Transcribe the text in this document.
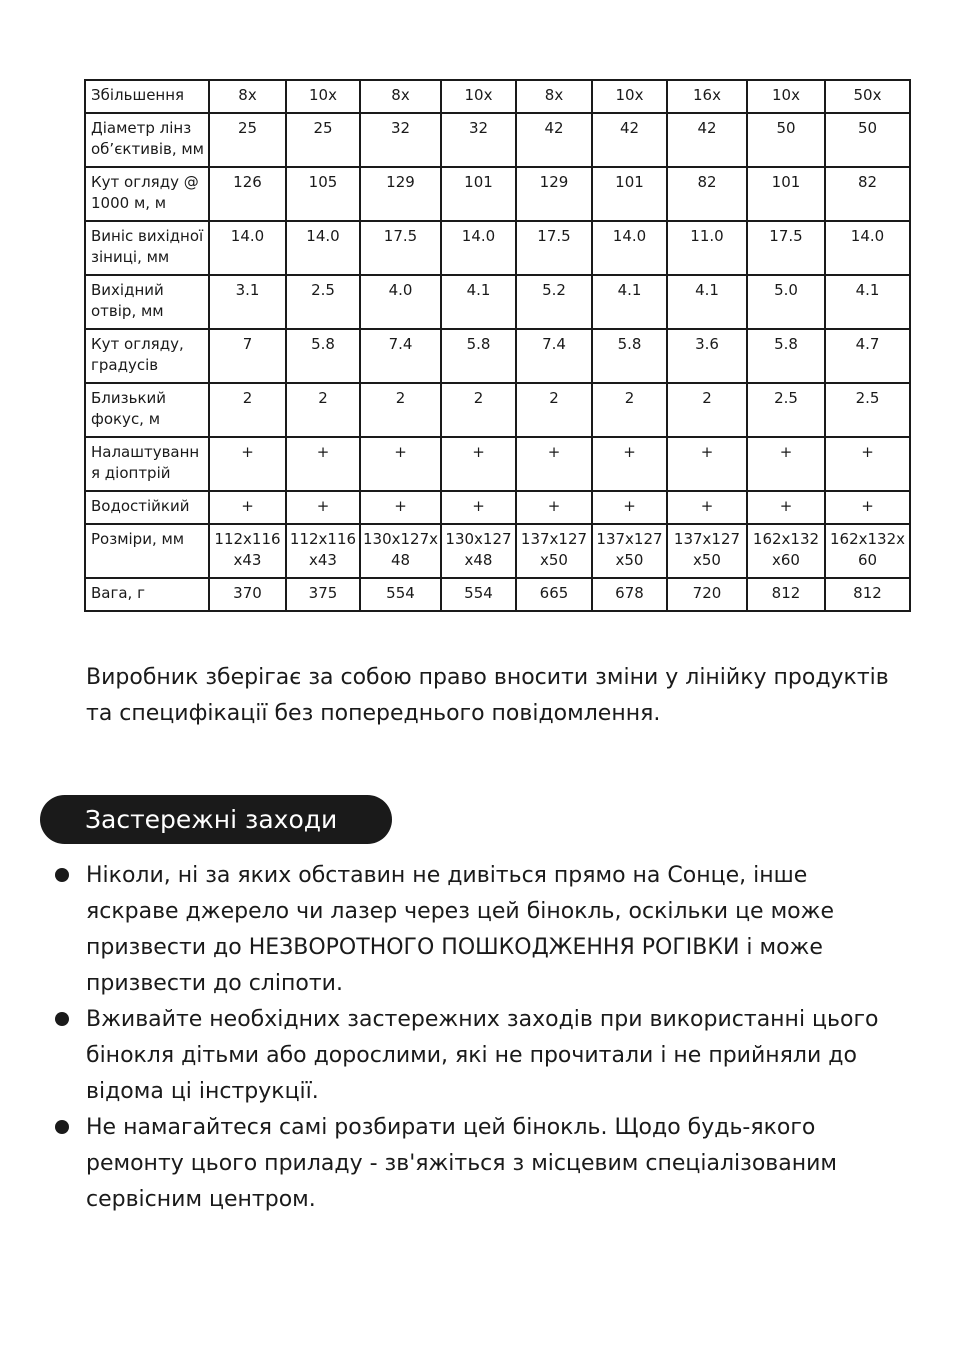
Збільшення	8x	10x	8x	10x	8x	10x	16x	10x	50x
Діаметр лінз об’єктивів, мм	25	25	32	32	42	42	42	50	50
Кут огляду @ 1000 м, м	126	105	129	101	129	101	82	101	82
Виніс вихідної зіниці, мм	14.0	14.0	17.5	14.0	17.5	14.0	11.0	17.5	14.0
Вихідний отвір, мм	3.1	2.5	4.0	4.1	5.2	4.1	4.1	5.0	4.1
Кут огляду, градусів	7	5.8	7.4	5.8	7.4	5.8	3.6	5.8	4.7
Близький фокус, м	2	2	2	2	2	2	2	2.5	2.5
Налаштування діоптрій	+	+	+	+	+	+	+	+	+
Водостійкий	+	+	+	+	+	+	+	+	+
Розміри, мм	112x116x43	112x116x43	130x127x48	130x127x48	137x127x50	137x127x50	137x127x50	162x132x60	162x132x60
Вага, г	370	375	554	554	665	678	720	812	812

Виробник зберігає за собою право вносити зміни у лінійку продуктів та специфікації без попереднього повідомлення.

Застережні заходи
Ніколи, ні за яких обставин не дивіться прямо на Сонце, інше яскраве джерело чи лазер через цей бінокль, оскільки це може призвести до НЕЗВОРОТНОГО ПОШКОДЖЕННЯ РОГІВКИ і може призвести до сліпоти.
Вживайте необхідних застережних заходів при використанні цього бінокля дітьми або дорослими, які не прочитали і не прийняли до відома ці інструкції.
Не намагайтеся самі розбирати цей бінокль. Щодо будь-якого ремонту цього приладу - зв'яжіться з місцевим спеціалізованим сервісним центром.
